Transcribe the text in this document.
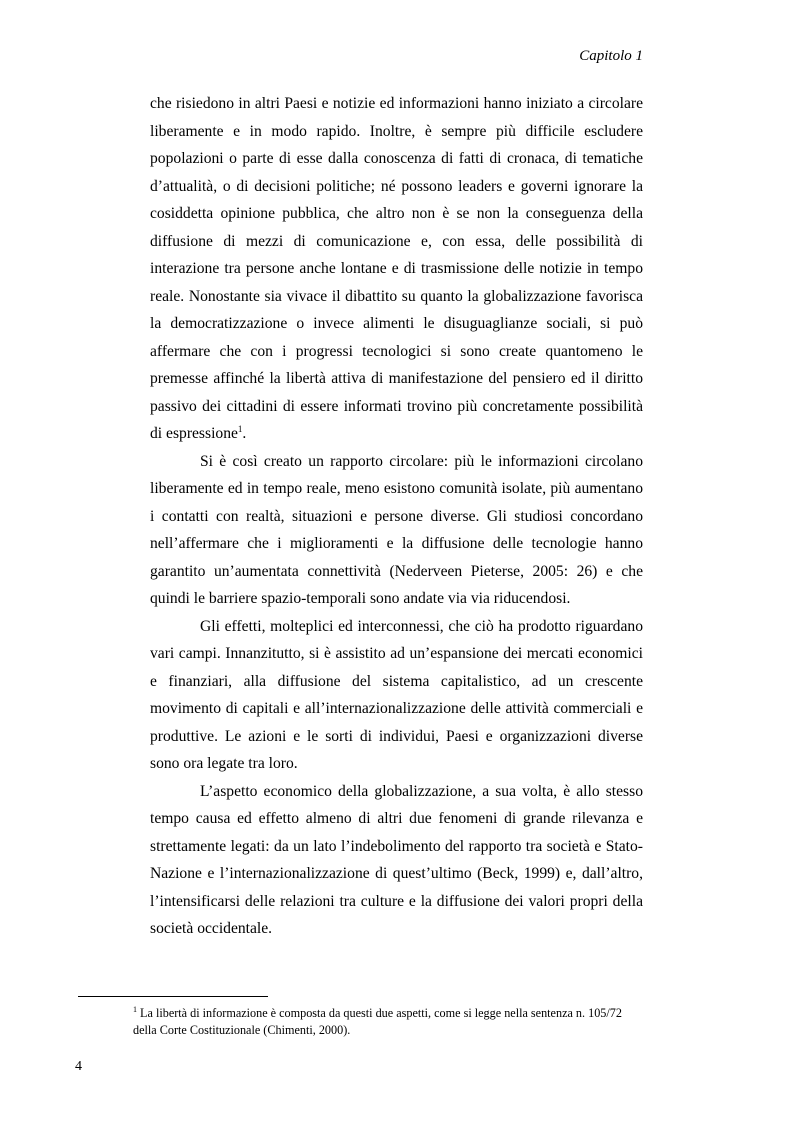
Capitolo 1

che risiedono in altri Paesi e notizie ed informazioni hanno iniziato a circolare liberamente e in modo rapido. Inoltre, è sempre più difficile escludere popolazioni o parte di esse dalla conoscenza di fatti di cronaca, di tematiche d’attualità, o di decisioni politiche; né possono leaders e governi ignorare la cosiddetta opinione pubblica, che altro non è se non la conseguenza della diffusione di mezzi di comunicazione e, con essa, delle possibilità di interazione tra persone anche lontane e di trasmissione delle notizie in tempo reale. Nonostante sia vivace il dibattito su quanto la globalizzazione favorisca la democratizzazione o invece alimenti le disuguaglianze sociali, si può affermare che con i progressi tecnologici si sono create quantomeno le premesse affinché la libertà attiva di manifestazione del pensiero ed il diritto passivo dei cittadini di essere informati trovino più concretamente possibilità di espressione$^1$.

Si è così creato un rapporto circolare: più le informazioni circolano liberamente ed in tempo reale, meno esistono comunità isolate, più aumentano i contatti con realtà, situazioni e persone diverse. Gli studiosi concordano nell’affermare che i miglioramenti e la diffusione delle tecnologie hanno garantito un’aumentata connettività (Nederveen Pieterse, 2005: 26) e che quindi le barriere spazio-temporali sono andate via via riducendosi.

Gli effetti, molteplici ed interconnessi, che ciò ha prodotto riguardano vari campi. Innanzitutto, si è assistito ad un’espansione dei mercati economici e finanziari, alla diffusione del sistema capitalistico, ad un crescente movimento di capitali e all’internazionalizzazione delle attività commerciali e produttive. Le azioni e le sorti di individui, Paesi e organizzazioni diverse sono ora legate tra loro.

L’aspetto economico della globalizzazione, a sua volta, è allo stesso tempo causa ed effetto almeno di altri due fenomeni di grande rilevanza e strettamente legati: da un lato l’indebolimento del rapporto tra società e Stato-Nazione e l’internazionalizzazione di quest’ultimo (Beck, 1999) e, dall’altro, l’intensificarsi delle relazioni tra culture e la diffusione dei valori propri della società occidentale.

$^1$ La libertà di informazione è composta da questi due aspetti, come si legge nella sentenza n. 105/72 della Corte Costituzionale (Chimenti, 2000).
4
